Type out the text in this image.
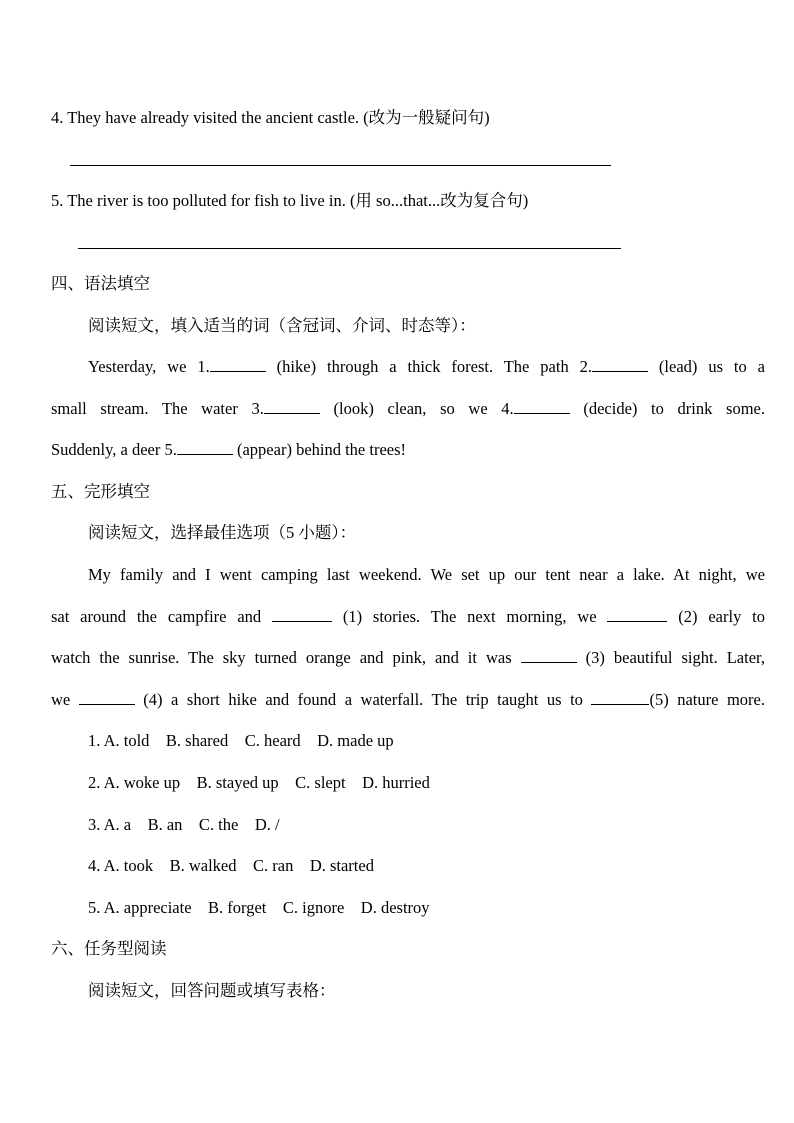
4. They have already visited the ancient castle. (改为一般疑问句)
5. The river is too polluted for fish to live in. (用 so...that...改为复合句)
四、语法填空
阅读短文，填入适当的词（含冠词、介词、时态等）：
Yesterday, we 1.	(hike) through a thick forest. The path 2.	(lead) us to a
small stream. The water 3.	(look) clean, so we 4.	(decide) to drink some.
Suddenly, a deer 5.	(appear) behind the trees!
五、完形填空
阅读短文，选择最佳选项（5 小题）：
My family and I went camping last weekend. We set up our tent near a lake. At night, we
sat around the campfire and	(1) stories. The next morning, we	(2) early to
watch the sunrise. The sky turned orange and pink, and it was	(3) beautiful sight. Later,
we	(4) a short hike and found a waterfall. The trip taught us to	(5) nature more.
1. A. told    B. shared    C. heard    D. made up
2. A. woke up    B. stayed up    C. slept    D. hurried
3. A. a    B. an    C. the    D. /
4. A. took    B. walked    C. ran    D. started
5. A. appreciate    B. forget    C. ignore    D. destroy
六、任务型阅读
阅读短文，回答问题或填写表格：
